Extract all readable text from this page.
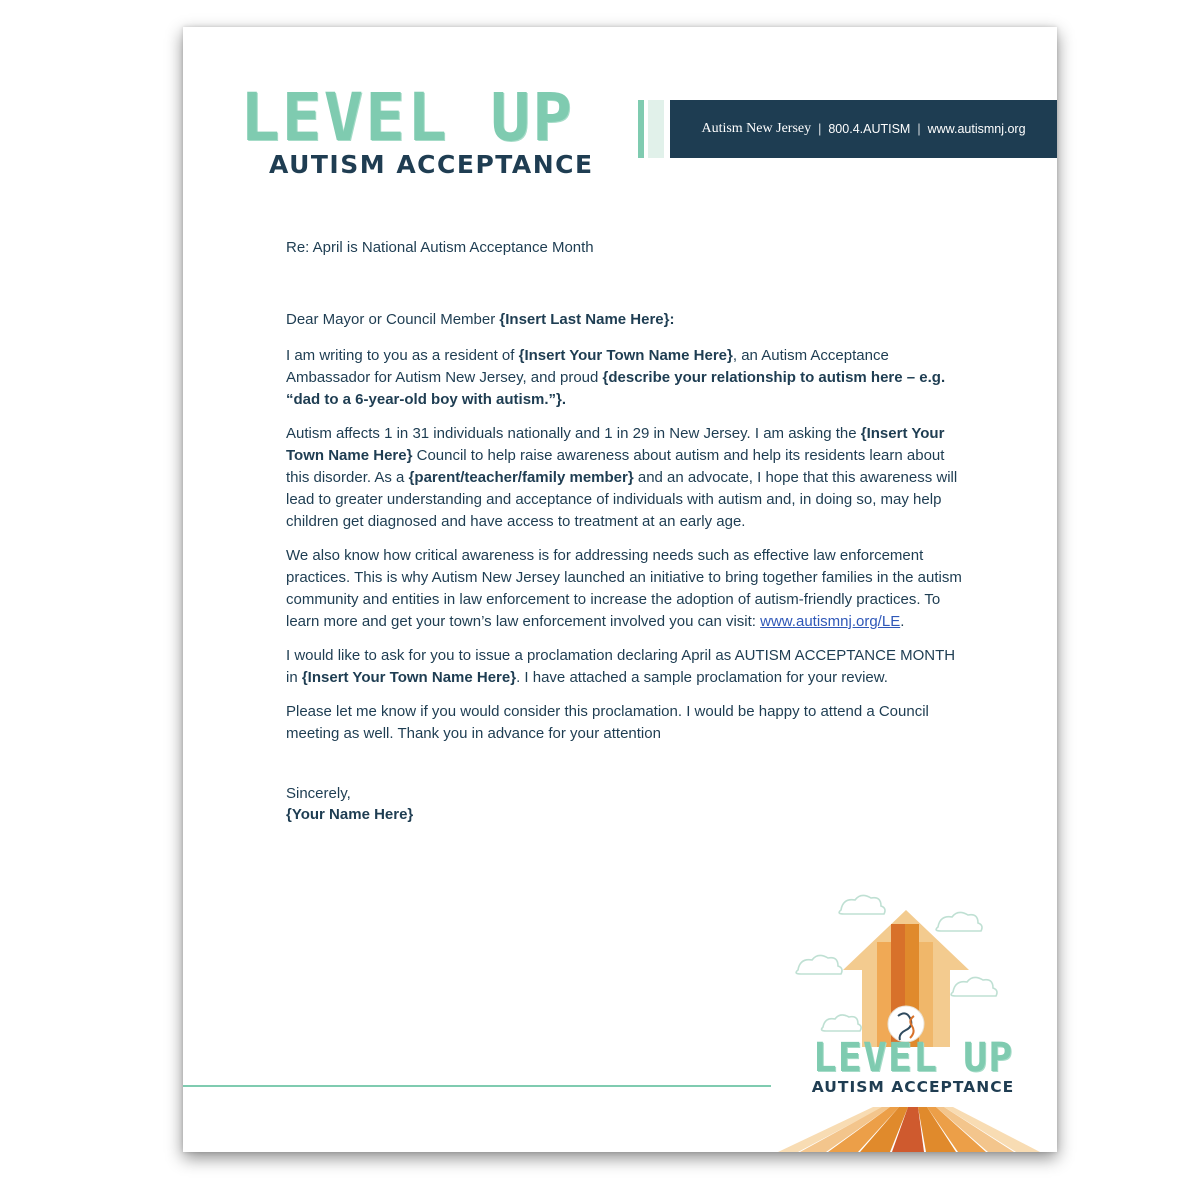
LEVEL UP
AUTISM ACCEPTANCE
Autism New Jersey | 800.4.AUTISM | www.autismnj.org

Re: April is National Autism Acceptance Month

Dear Mayor or Council Member {Insert Last Name Here}:

I am writing to you as a resident of {Insert Your Town Name Here}, an Autism Acceptance Ambassador for Autism New Jersey, and proud {describe your relationship to autism here – e.g. “dad to a 6-year-old boy with autism.”}.

Autism affects 1 in 31 individuals nationally and 1 in 29 in New Jersey. I am asking the {Insert Your Town Name Here} Council to help raise awareness about autism and help its residents learn about this disorder. As a {parent/teacher/family member} and an advocate, I hope that this awareness will lead to greater understanding and acceptance of individuals with autism and, in doing so, may help children get diagnosed and have access to treatment at an early age.

We also know how critical awareness is for addressing needs such as effective law enforcement practices. This is why Autism New Jersey launched an initiative to bring together families in the autism community and entities in law enforcement to increase the adoption of autism-friendly practices. To learn more and get your town’s law enforcement involved you can visit: www.autismnj.org/LE.

I would like to ask for you to issue a proclamation declaring April as AUTISM ACCEPTANCE MONTH in {Insert Your Town Name Here}. I have attached a sample proclamation for your review.

Please let me know if you would consider this proclamation. I would be happy to attend a Council meeting as well. Thank you in advance for your attention

Sincerely,
{Your Name Here}

LEVEL UP
AUTISM ACCEPTANCE
